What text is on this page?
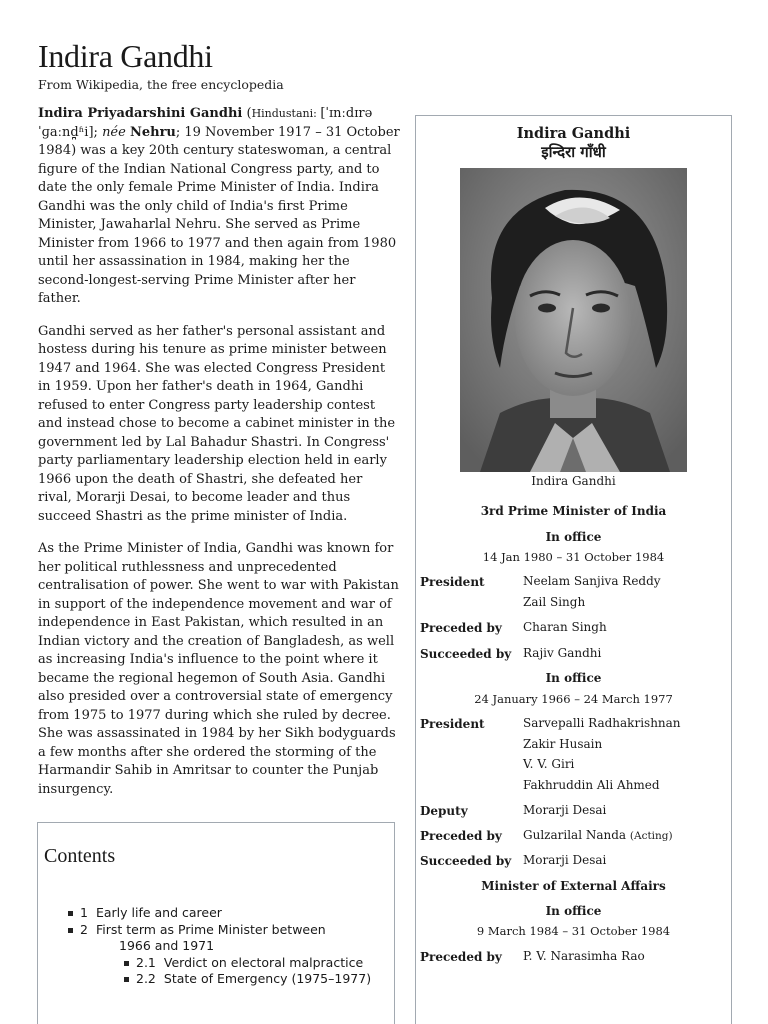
Indira Gandhi
From Wikipedia, the free encyclopedia

Indira Priyadarshini Gandhi (Hindustani: [ˈɪnːdɪrə ˈɡaːnd̪ʱi]; née Nehru; 19 November 1917 – 31 October 1984) was a key 20th century stateswoman, a central figure of the Indian National Congress party, and to date the only female Prime Minister of India. Indira Gandhi was the only child of India's first Prime Minister, Jawaharlal Nehru. She served as Prime Minister from 1966 to 1977 and then again from 1980 until her assassination in 1984, making her the second-longest-serving Prime Minister after her father.

Gandhi served as her father's personal assistant and hostess during his tenure as prime minister between 1947 and 1964. She was elected Congress President in 1959. Upon her father's death in 1964, Gandhi refused to enter Congress party leadership contest and instead chose to become a cabinet minister in the government led by Lal Bahadur Shastri. In Congress' party parliamentary leadership election held in early 1966 upon the death of Shastri, she defeated her rival, Morarji Desai, to become leader and thus succeed Shastri as the prime minister of India.

As the Prime Minister of India, Gandhi was known for her political ruthlessness and unprecedented centralisation of power. She went to war with Pakistan in support of the independence movement and war of independence in East Pakistan, which resulted in an Indian victory and the creation of Bangladesh, as well as increasing India's influence to the point where it became the regional hegemon of South Asia. Gandhi also presided over a controversial state of emergency from 1975 to 1977 during which she ruled by decree. She was assassinated in 1984 by her Sikh bodyguards a few months after she ordered the storming of the Harmandir Sahib in Amritsar to counter the Punjab insurgency.

Contents
1 Early life and career
2 First term as Prime Minister between
1966 and 1971
2.1 Verdict on electoral malpractice
2.2 State of Emergency (1975–1977)
Indira Gandhi
इन्दिरा गाँधी
Indira Gandhi
3rd Prime Minister of India
In office
14 Jan 1980 – 31 October 1984
President	Neelam Sanjiva Reddy
Zail Singh
Preceded by Charan Singh
Succeeded by Rajiv Gandhi
In office
24 January 1966 – 24 March 1977
President	Sarvepalli Radhakrishnan
Zakir Husain
V. V. Giri
Fakhruddin Ali Ahmed
Deputy	Morarji Desai
Preceded by Gulzarilal Nanda (Acting)
Succeeded by Morarji Desai
Minister of External Affairs
In office
9 March 1984 – 31 October 1984
Preceded by P. V. Narasimha Rao
